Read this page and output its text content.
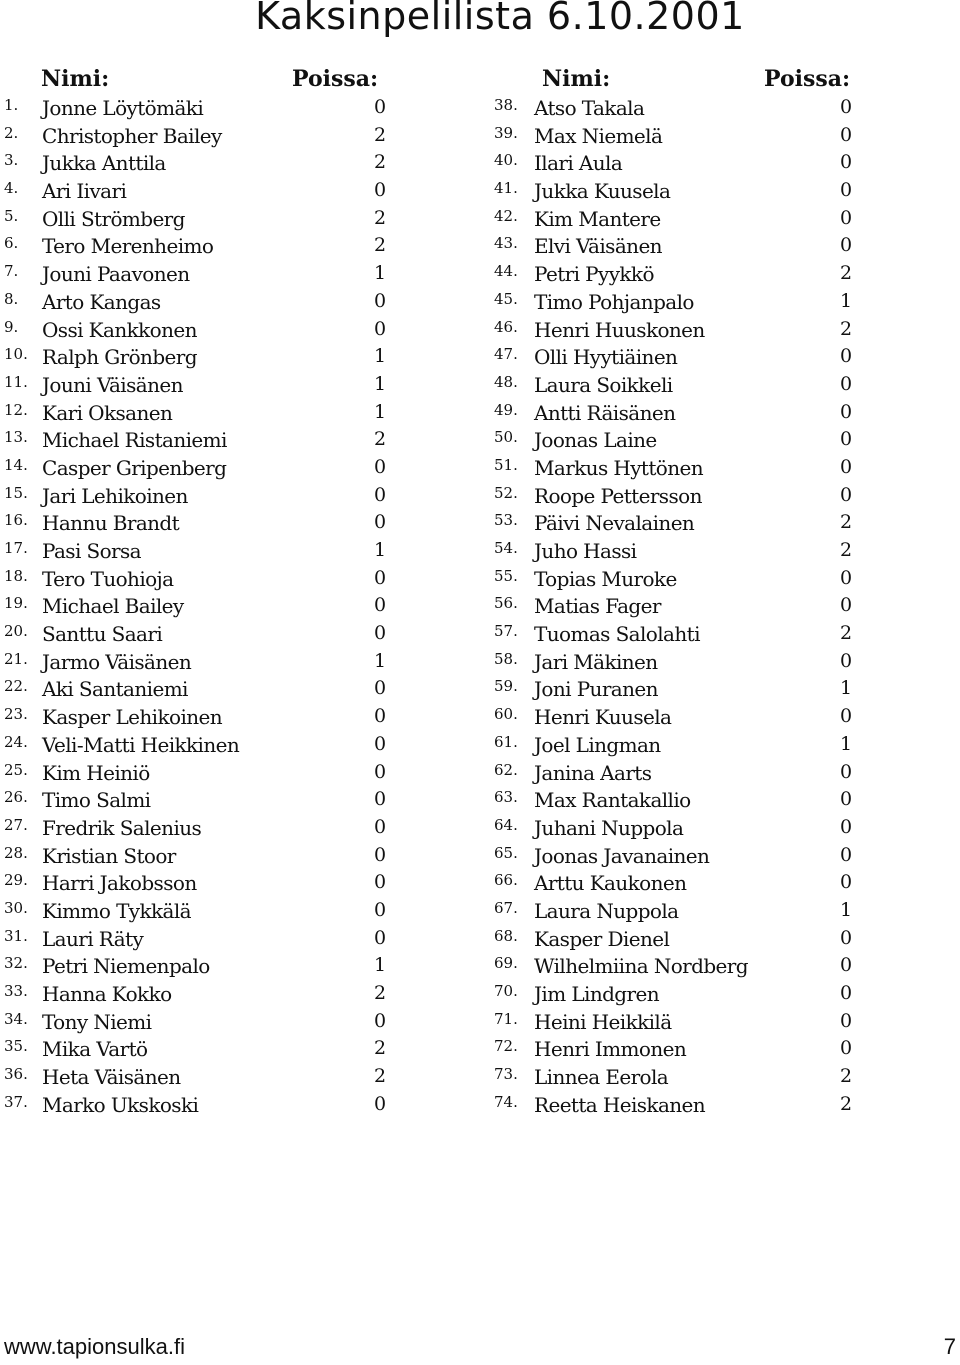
Kaksinpelilista 6.10.2001
Nimi:	Poissa:
1. Jonne Löytömäki	0
2. Christopher Bailey	2
3. Jukka Anttila	2
4. Ari Iivari	0
5. Olli Strömberg	2
6. Tero Merenheimo	2
7. Jouni Paavonen	1
8. Arto Kangas	0
9. Ossi Kankkonen	0
10. Ralph Grönberg	1
11. Jouni Väisänen	1
12. Kari Oksanen	1
13. Michael Ristaniemi	2
14. Casper Gripenberg	0
15. Jari Lehikoinen	0
16. Hannu Brandt	0
17. Pasi Sorsa	1
18. Tero Tuohioja	0
19. Michael Bailey	0
20. Santtu Saari	0
21. Jarmo Väisänen	1
22. Aki Santaniemi	0
23. Kasper Lehikoinen	0
24. Veli-Matti Heikkinen	0
25. Kim Heiniö	0
26. Timo Salmi	0
27. Fredrik Salenius	0
28. Kristian Stoor	0
29. Harri Jakobsson	0
30. Kimmo Tykkälä	0
31. Lauri Räty	0
32. Petri Niemenpalo	1
33. Hanna Kokko	2
34. Tony Niemi	0
35. Mika Vartö	2
36. Heta Väisänen	2
37. Marko Ukskoski	0
Nimi:	Poissa:
38. Atso Takala	0
39. Max Niemelä	0
40. Ilari Aula	0
41. Jukka Kuusela	0
42. Kim Mantere	0
43. Elvi Väisänen	0
44. Petri Pyykkö	2
45. Timo Pohjanpalo	1
46. Henri Huuskonen	2
47. Olli Hyytiäinen	0
48. Laura Soikkeli	0
49. Antti Räisänen	0
50. Joonas Laine	0
51. Markus Hyttönen	0
52. Roope Pettersson	0
53. Päivi Nevalainen	2
54. Juho Hassi	2
55. Topias Muroke	0
56. Matias Fager	0
57. Tuomas Salolahti	2
58. Jari Mäkinen	0
59. Joni Puranen	1
60. Henri Kuusela	0
61. Joel Lingman	1
62. Janina Aarts	0
63. Max Rantakallio	0
64. Juhani Nuppola	0
65. Joonas Javanainen	0
66. Arttu Kaukonen	0
67. Laura Nuppola	1
68. Kasper Dienel	0
69. Wilhelmiina Nordberg	0
70. Jim Lindgren	0
71. Heini Heikkilä	0
72. Henri Immonen	0
73. Linnea Eerola	2
74. Reetta Heiskanen	2
www.tapionsulka.fi	7
